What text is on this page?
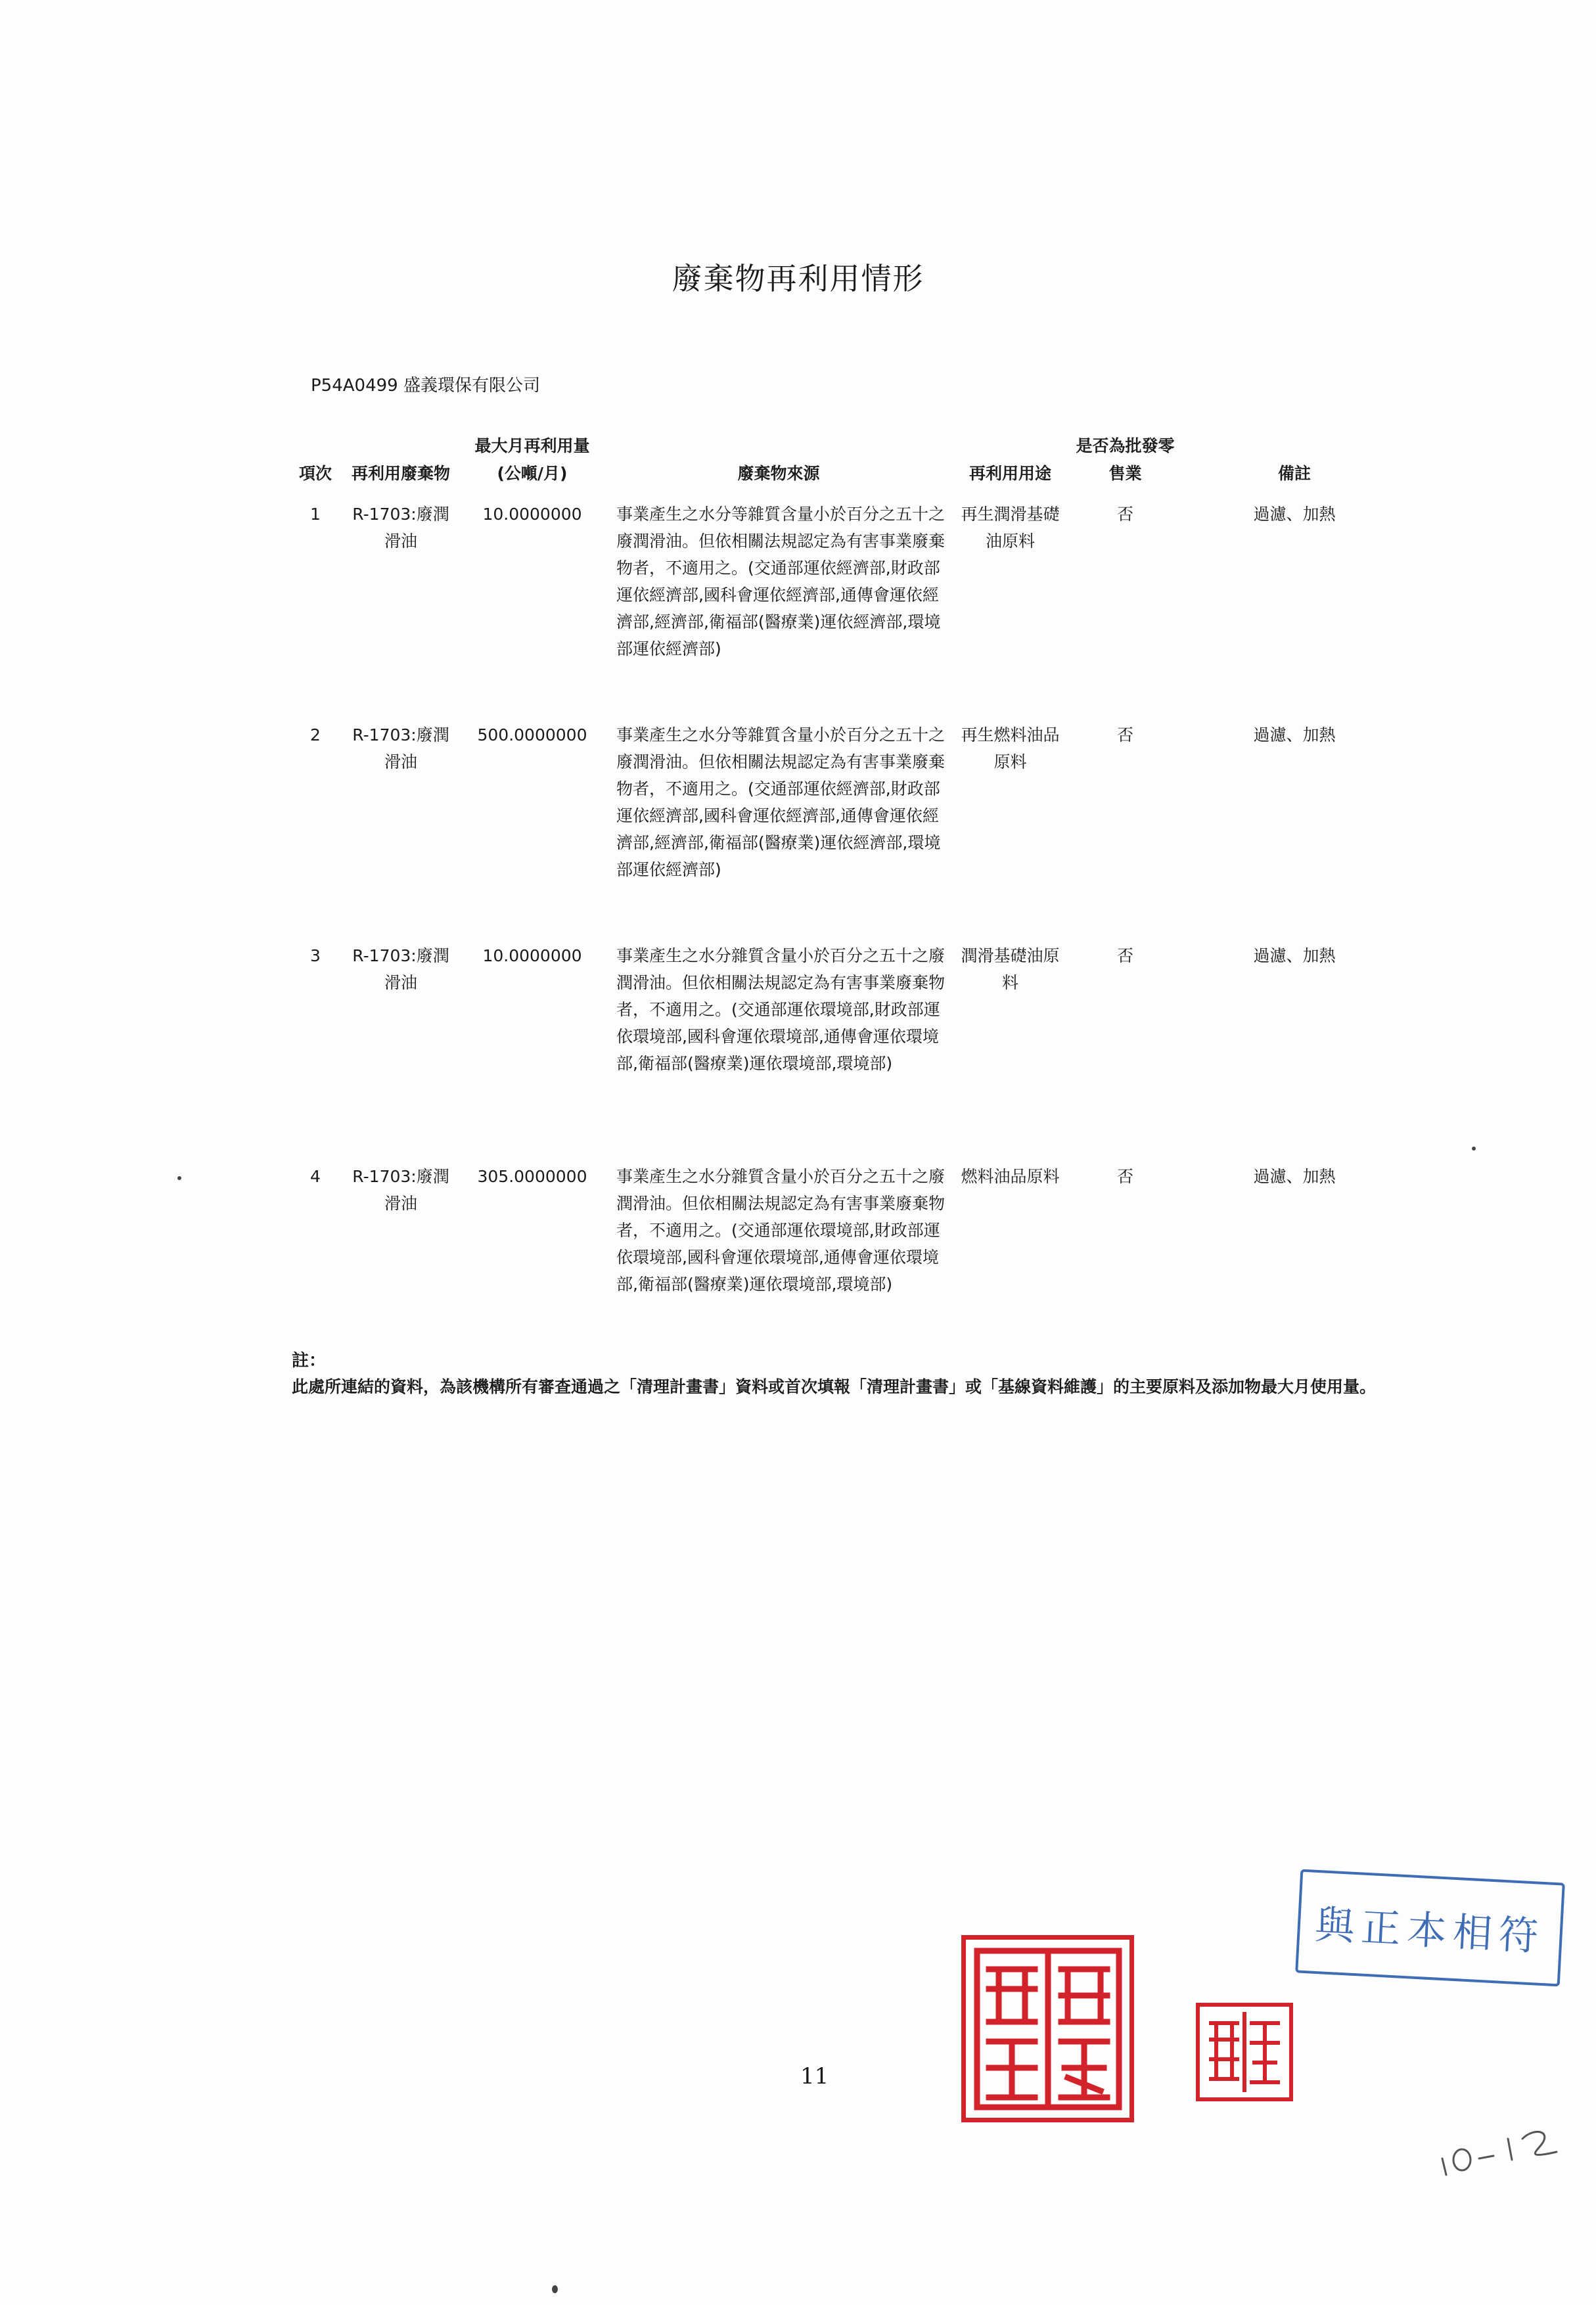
廢棄物再利用情形
P54A0499 盛義環保有限公司
項次	再利用廢棄物	最大月再利用量(公噸/月)	廢棄物來源	再利用用途	是否為批發零售業	備註
1	R-1703:廢潤滑油	10.0000000	事業產生之水分等雜質含量小於百分之五十之廢潤滑油。但依相關法規認定為有害事業廢棄物者，不適用之。(交通部運依經濟部,財政部運依經濟部,國科會運依經濟部,通傳會運依經濟部,經濟部,衛福部(醫療業)運依經濟部,環境部運依經濟部)	再生潤滑基礎油原料	否	過濾、加熱
2	R-1703:廢潤滑油	500.0000000	事業產生之水分等雜質含量小於百分之五十之廢潤滑油。但依相關法規認定為有害事業廢棄物者，不適用之。(交通部運依經濟部,財政部運依經濟部,國科會運依經濟部,通傳會運依經濟部,經濟部,衛福部(醫療業)運依經濟部,環境部運依經濟部)	再生燃料油品原料	否	過濾、加熱
3	R-1703:廢潤滑油	10.0000000	事業產生之水分雜質含量小於百分之五十之廢潤滑油。但依相關法規認定為有害事業廢棄物者，不適用之。(交通部運依環境部,財政部運依環境部,國科會運依環境部,通傳會運依環境部,衛福部(醫療業)運依環境部,環境部)	潤滑基礎油原料	否	過濾、加熱
4	R-1703:廢潤滑油	305.0000000	事業產生之水分雜質含量小於百分之五十之廢潤滑油。但依相關法規認定為有害事業廢棄物者，不適用之。(交通部運依環境部,財政部運依環境部,國科會運依環境部,通傳會運依環境部,衛福部(醫療業)運依環境部,環境部)	燃料油品原料	否	過濾、加熱
註：
此處所連結的資料，為該機構所有審查通過之「清理計畫書」資料或首次填報「清理計畫書」或「基線資料維護」的主要原料及添加物最大月使用量。
11
與正本相符
